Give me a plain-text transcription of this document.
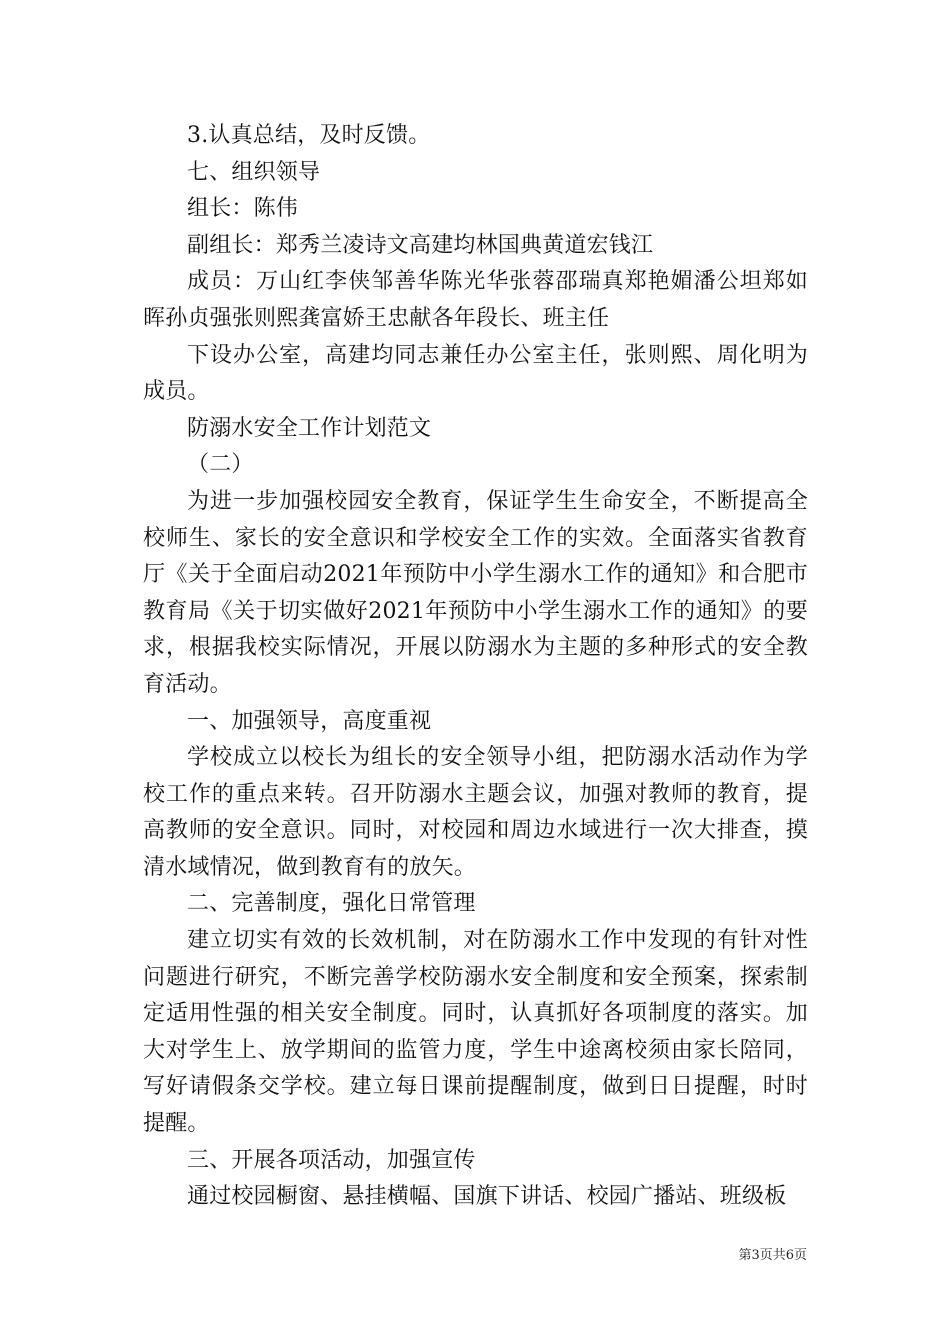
3.认真总结，及时反馈。

七、组织领导

组长：陈伟

副组长：郑秀兰凌诗文高建均林国典黄道宏钱江

成员：万山红李侠邹善华陈光华张蓉邵瑞真郑艳媚潘公坦郑如晖孙贞强张则熙龚富娇王忠献各年段长、班主任

下设办公室，高建均同志兼任办公室主任，张则熙、周化明为成员。

防溺水安全工作计划范文

（二）

为进一步加强校园安全教育，保证学生生命安全，不断提高全校师生、家长的安全意识和学校安全工作的实效。全面落实省教育厅《关于全面启动2021年预防中小学生溺水工作的通知》和合肥市教育局《关于切实做好2021年预防中小学生溺水工作的通知》的要求，根据我校实际情况，开展以防溺水为主题的多种形式的安全教育活动。

一、加强领导，高度重视

学校成立以校长为组长的安全领导小组，把防溺水活动作为学校工作的重点来转。召开防溺水主题会议，加强对教师的教育，提高教师的安全意识。同时，对校园和周边水域进行一次大排查，摸清水域情况，做到教育有的放矢。

二、完善制度，强化日常管理

建立切实有效的长效机制，对在防溺水工作中发现的有针对性问题进行研究，不断完善学校防溺水安全制度和安全预案，探索制定适用性强的相关安全制度。同时，认真抓好各项制度的落实。加大对学生上、放学期间的监管力度，学生中途离校须由家长陪同，写好请假条交学校。建立每日课前提醒制度，做到日日提醒，时时提醒。

三、开展各项活动，加强宣传

通过校园橱窗、悬挂横幅、国旗下讲话、校园广播站、班级板

第3页共6页
